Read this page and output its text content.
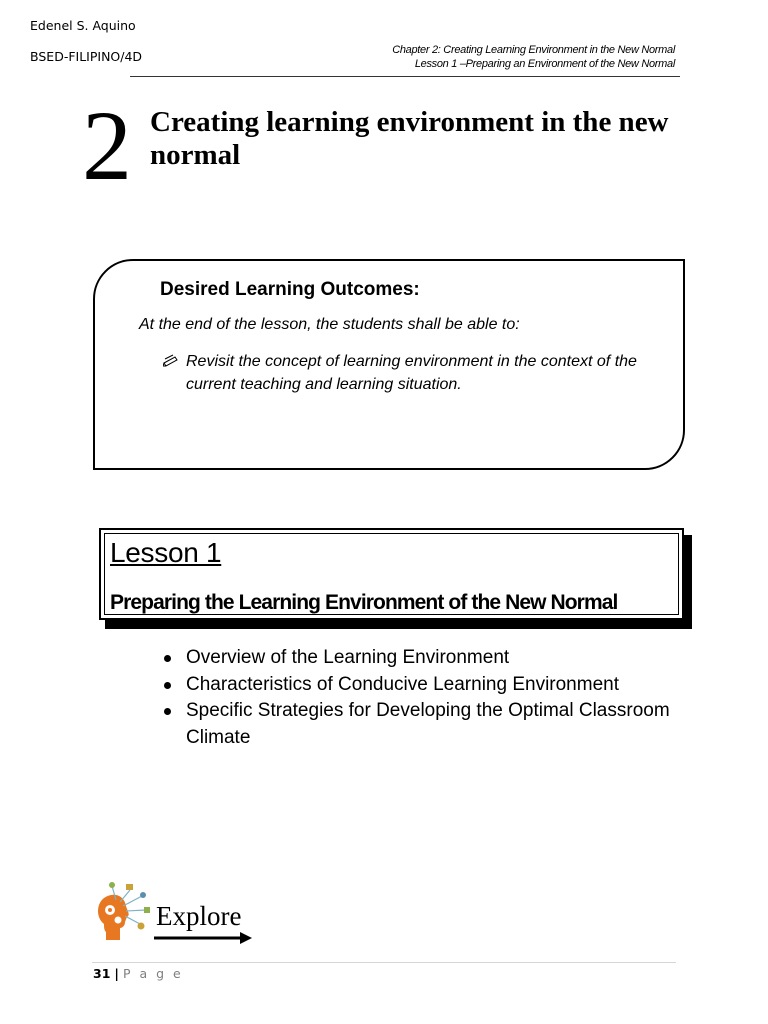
Edenel S. Aquino
BSED-FILIPINO/4D	Chapter 2: Creating Learning Environment in the New Normal
Lesson 1 –Preparing an Environment of the New Normal
2 Creating learning environment in the new normal
Desired Learning Outcomes:
At the end of the lesson, the students shall be able to:
Revisit the concept of learning environment in the context of the current teaching and learning situation.
Lesson 1
Preparing the Learning Environment of the New Normal
Overview of the Learning Environment
Characteristics of Conducive Learning Environment
Specific Strategies for Developing the Optimal Classroom Climate
Explore
31 | P a g e
